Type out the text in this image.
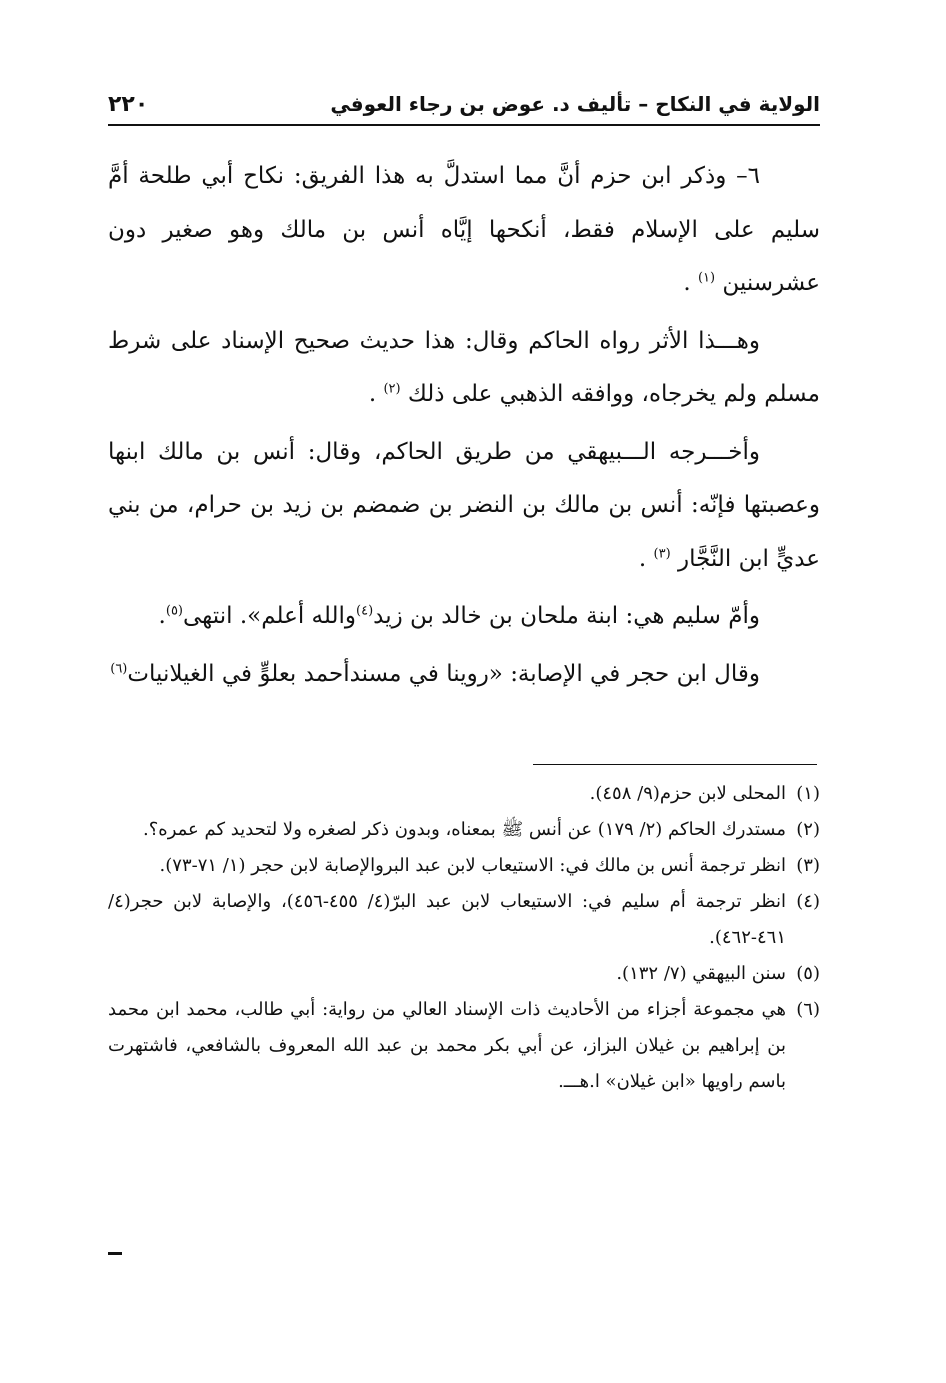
الولاية في النكاح – تأليف د. عوض بن رجاء العوفي
٢٢٠

٦– وذكر ابن حزم أنَّ مما استدلَّ به هذا الفريق: نكاح أبي طلحة أمَّ سليم على الإسلام فقط، أنكحها إيَّاه أنس بن مالك وهو صغير دون عشرسنين $^{(١)}$ .

وهـــذا الأثر رواه الحاكم وقال: هذا حديث صحيح الإسناد على شرط مسلم ولم يخرجاه، ووافقه الذهبي على ذلك $^{(٢)}$ .

وأخـــرجه الـــبيهقي من طريق الحاكم، وقال: أنس بن مالك ابنها وعصبتها فإنّه: أنس بن مالك بن النضر بن ضمضم بن زيد بن حرام، من بني عديٍّ ابن النَّجَّار $^{(٣)}$ .

وأمّ سليم هي: ابنة ملحان بن خالد بن زيد$^{(٤)}$والله أعلم». انتهى$^{(٥)}$.

وقال ابن حجر في الإصابة: «روينا في مسندأحمد بعلوٍّ في الغيلانيات$^{(٦)}$

(١)
المحلى لابن حزم(٩/ ٤٥٨).

(٢)
مستدرك الحاكم (٢/ ١٧٩) عن أنس ﷺ بمعناه، وبدون ذكر لصغره ولا لتحديد كم عمره؟.

(٣)
انظر ترجمة أنس بن مالك في: الاستيعاب لابن عبد البروالإصابة لابن حجر (١/ ٧١-٧٣).

(٤)
انظر ترجمة أم سليم في: الاستيعاب لابن عبد البرّ(٤/ ٤٥٥-٤٥٦)، والإصابة لابن حجر(٤/ ٤٦١-٤٦٢).

(٥)
سنن البيهقي (٧/ ١٣٢).

(٦)
هي مجموعة أجزاء من الأحاديث ذات الإسناد العالي من رواية: أبي طالب، محمد ابن محمد بن إبراهيم بن غيلان البزاز، عن أبي بكر محمد بن عبد الله المعروف بالشافعي، فاشتهرت باسم راويها «ابن غيلان» ا.هـــ.
